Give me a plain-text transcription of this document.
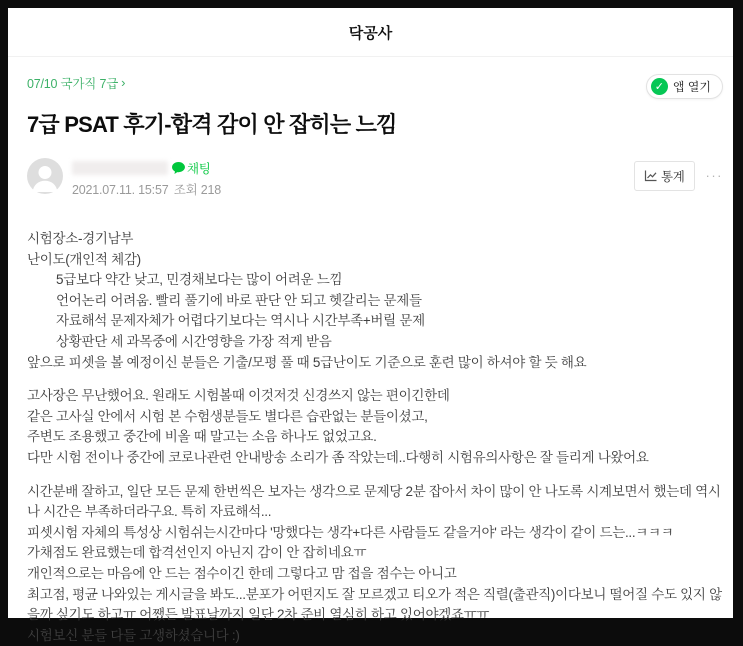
닥공사
07/10 국가직 7급 ›	✓ 앱 열기
7급 PSAT 후기-합격 감이 안 잡히는 느낌
채팅
2021.07.11. 15:57 조회 218
통계 ···
시험장소-경기남부
난이도(개인적 체감)
5급보다 약간 낮고, 민경채보다는 많이 어려운 느낌
언어논리 어려움. 빨리 풀기에 바로 판단 안 되고 헷갈리는 문제들
자료해석 문제자체가 어렵다기보다는 역시나 시간부족+버릴 문제
상황판단 세 과목중에 시간영향을 가장 적게 받음
앞으로 피셋을 볼 예정이신 분들은 기출/모평 풀 때 5급난이도 기준으로 훈련 많이 하셔야 할 듯 해요
고사장은 무난했어요. 원래도 시험볼때 이것저것 신경쓰지 않는 편이긴한데
같은 고사실 안에서 시험 본 수험생분들도 별다른 습관없는 분들이셨고,
주변도 조용했고 중간에 비올 때 말고는 소음 하나도 없었고요.
다만 시험 전이나 중간에 코로나관련 안내방송 소리가 좀 작았는데..다행히 시험유의사항은 잘 들리게 나왔어요
시간분배 잘하고, 일단 모든 문제 한번씩은 보자는 생각으로 문제당 2분 잡아서 차이 많이 안 나도록 시계보면서 했는데 역시나 시간은 부족하더라구요. 특히 자료해석...
피셋시험 자체의 특성상 시험쉬는시간마다 '망했다는 생각+다른 사람들도 같을거야' 라는 생각이 같이 드는...ㅋㅋㅋ
가채점도 완료했는데 합격선인지 아닌지 감이 안 잡히네요ㅠ
개인적으로는 마음에 안 드는 점수이긴 한데 그렇다고 맘 접을 점수는 아니고
최고점, 평균 나와있는 게시글을 봐도...분포가 어떤지도 잘 모르겠고 티오가 적은 직렬(출관직)이다보니 떨어질 수도 있지 않을까 싶기도 하고ㅠ 어쨌든 발표날까지 일단 2차 준비 열심히 하고 있어야겠죠ㅠㅠ
시험보신 분들 다들 고생하셨습니다 :)
